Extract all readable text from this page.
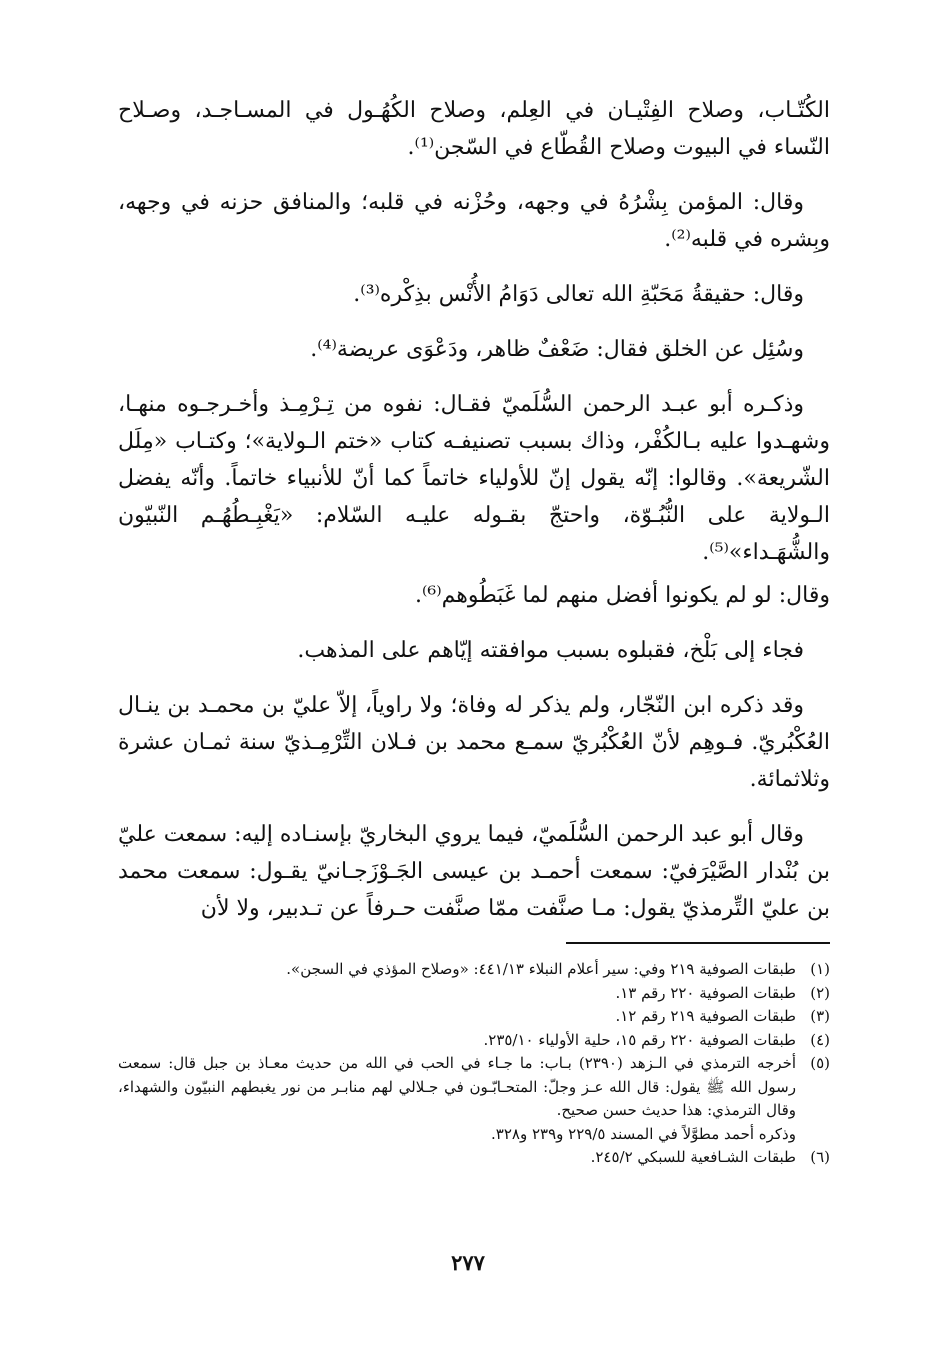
الكُتّـاب، وصلاح الفِتْيـان في العِلم، وصلاح الكُهُـول في المسـاجـد، وصـلاح النّساء في البيوت وصلاح القُطّاع في السّجن⁽¹⁾.

وقال: المؤمن بِشْرُهُ في وجهه، وحُزْنه في قلبه؛ والمنافق حزنه في وجهه، وبِشره في قلبه⁽²⁾.

وقال: حقيقةُ مَحَبّةِ الله تعالى دَوَامُ الأُنْس بذِكْره⁽³⁾.

وسُئِل عن الخلق فقال: ضَعْفٌ ظاهر، ودَعْوَى عريضة⁽⁴⁾.

وذكـره أبو عبـد الرحمن السُّلَميّ فقـال: نفوه من تِـرْمِـذ وأخـرجـوه منهـا، وشهـدوا عليه بـالكُفْر، وذاك بسبب تصنيفـه كتاب «ختم الـولاية»؛ وكتـاب «مِلَل الشّريعة». وقالوا: إنّه يقول إنّ للأولياء خاتماً كما أنّ للأنبياء خاتماً. وأنّه يفضل الـولاية على النُّبُـوّة، واحتجّ بقـوله عليـه السّلام: «يَغْبِـطُهُـم النّبيّون والشُّهَـداء»⁽⁵⁾.

وقال: لو لم يكونوا أفضل منهم لما غَبَطُوهم⁽⁶⁾.

فجاء إلى بَلْخ، فقبلوه بسبب موافقته إيّاهم على المذهب.

وقد ذكره ابن النّجّار، ولم يذكر له وفاة؛ ولا راوياً، إلاّ عليّ بن محمـد بن ينـال العُكْبُريّ. فـوهِم لأنّ العُكْبُريّ سمـع محمد بن فـلان التِّرْمِـذيّ سنة ثمـان عشرة وثلاثمائة.

وقال أبو عبد الرحمن السُّلَميّ، فيما يروي البخاريّ بإسنـاده إليه: سمعت عليّ بن بُنْدار الصَّيْرَفيّ: سمعت أحمـد بن عيسى الجَـوْزَجـانيّ يقـول: سمعت محمد بن عليّ التِّرمذيّ يقول: مـا صنَّفت ممّا صنَّفت حـرفاً عن تـدبير، ولا لأن

(١)
طبقات الصوفية ٢١٩ وفي: سير أعلام النبلاء ٤٤١/١٣: «وصلاح المؤذي في السجن».
(٢)
طبقات الصوفية ٢٢٠ رقم ١٣.
(٣)
طبقات الصوفية ٢١٩ رقم ١٢.
(٤)
طبقات الصوفية ٢٢٠ رقم ١٥، حلية الأولياء ٢٣٥/١٠.
(٥)
أخرجه الترمذي في الـزهد (٢٣٩٠) بـاب: ما جـاء في الحب في الله من حديث معـاذ بن جبل قال: سمعت رسول الله ﷺ يقول: قال الله عـز وجلّ: المتحـابّـون في جـلالي لهم منابـر من نور يغبطهم النبيّون والشهداء، وقال الترمذي: هذا حديث حسن صحيح.
وذكره أحمد مطوَّلاً في المسند ٢٢٩/٥ و٢٣٩ و٣٢٨.
(٦)
طبقات الشـافعية للسبكي ٢٤٥/٢.
٢٧٧
